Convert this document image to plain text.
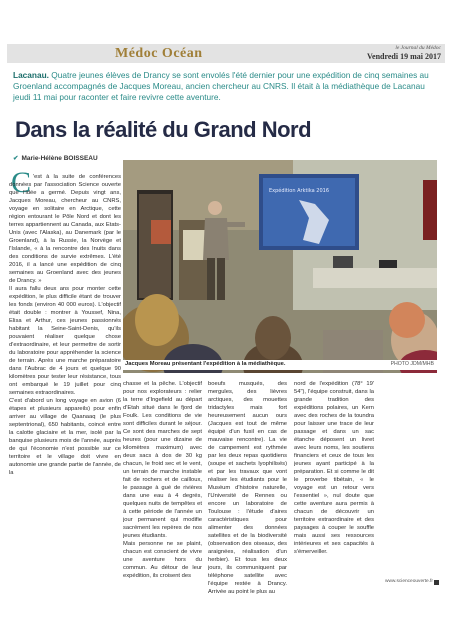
Médoc Océan	le Journal du Médoc
Vendredi 19 mai 2017
Lacanau. Quatre jeunes élèves de Drancy se sont envolés l'été dernier pour une expédition de cinq semaines au Groenland accompagnés de Jacques Moreau, ancien chercheur au CNRS. Il était à la médiathèque de Lacanau jeudi 11 mai pour raconter et faire revivre cette aventure.
Dans la réalité du Grand Nord
✔ Marie-Hélène BOISSEAU
Expédition Arktika 2016
Jacques Moreau présentant l'expédition à la médiathèque.	PHOTO JDM/MHB
C 'est à la suite de conférences données par l'association Science ouverte que l'idée a germé. Depuis vingt ans, Jacques Moreau, chercheur au CNRS, voyage en solitaire en Arctique, cette région entourant le Pôle Nord et dont les terres appartiennent au Canada, aux Etats-Unis (avec l'Alaska), au Danemark (par le Groenland), à la Russie, la Norvège et l'Islande, « à la rencontre des Inuits dans des conditions de survie extrêmes. L'été 2016, il a lancé une expédition de cinq semaines au Groenland avec des jeunes de Drancy. »
Il aura fallu deux ans pour monter cette expédition, le plus difficile étant de trouver les fonds (environ 40 000 euros). L'objectif était double : montrer à Youssef, Nina, Elisa et Arthur, ces jeunes passionnés habitant la Seine-Saint-Denis, qu'ils pouvaient réaliser quelque chose d'extraordinaire, et leur permettre de sortir du laboratoire pour appréhender la science de terrain. Après une marche préparatoire dans l'Aubrac de 4 jours et quelque 90 kilomètres pour tester leur résistance, tous ont embarqué le 19 juillet pour cinq semaines extraordinaires.
C'est d'abord un long voyage en avion (6 étapes et plusieurs appareils) pour enfin arriver au village de Qaanaaq (le plus septentrional), 650 habitants, coincé entre la calotte glaciaire et la mer, isolé par la banquise plusieurs mois de l'année, auprès de qui l'économie n'est possible sur ce territoire et le village doit vivre en autonomie une grande partie de l'année, de la
chasse et la pêche. L'objectif pour nos explorateurs : relier la terre d'Ingefield au départ d'Etah situé dans le fjord de Foulk. Les conditions de vie sont difficiles durant le séjour. Ce sont des marches de sept heures (pour une dizaine de kilomètres maximum) avec deux sacs à dos de 30 kg chacun, le froid sec et le vent, un terrain de marche instable fait de rochers et de cailloux, le passage à gué de rivières dans une eau à 4 degrés, quelques nuits de tempêtes et à cette période de l'année un jour permanent qui modifie sacrément les repères de nos jeunes étudiants.
Mais personne ne se plaint, chacun est conscient de vivre une aventure hors du commun. Au détour de leur expédition, ils croisent des
boeufs musqués, des mergules, des lièvres arctiques, des mouettes tridactyles mais fort heureusement aucun ours (Jacques est tout de même équipé d'un fusil en cas de mauvaise rencontre). La vie de campement est rythmée par les deux repas quotidiens (soupe et sachets lyophilisés) et par les travaux que vont réaliser les étudiants pour le Muséum d'histoire naturelle, l'Université de Rennes ou encore un laboratoire de Toulouse : l'étude d'aires caractéristiques pour alimenter des données satellites et de la biodiversité (observation des oiseaux, des araignées, réalisation d'un herbier). Et tous les deux jours, ils communiquent par téléphone satellite avec l'équipe restée à Drancy. Arrivée au point le plus au
nord de l'expédition (78° 19' 54"), l'équipe construit, dans la grande tradition des expéditions polaires, un Kern avec des roches de la toundra pour laisser une trace de leur passage et dans un sac étanche déposent un livret avec leurs noms, les soutiens financiers et ceux de tous les jeunes ayant participé à la préparation. Et si comme le dit le proverbe tibétain, « le voyage est un retour vers l'essentiel », nul doute que cette aventure aura permis à chacun de découvrir un territoire extraordinaire et des paysages à couper le souffle mais aussi ses ressources intérieures et ses capacités à s'émerveiller.
www.scienceouverte.fr
